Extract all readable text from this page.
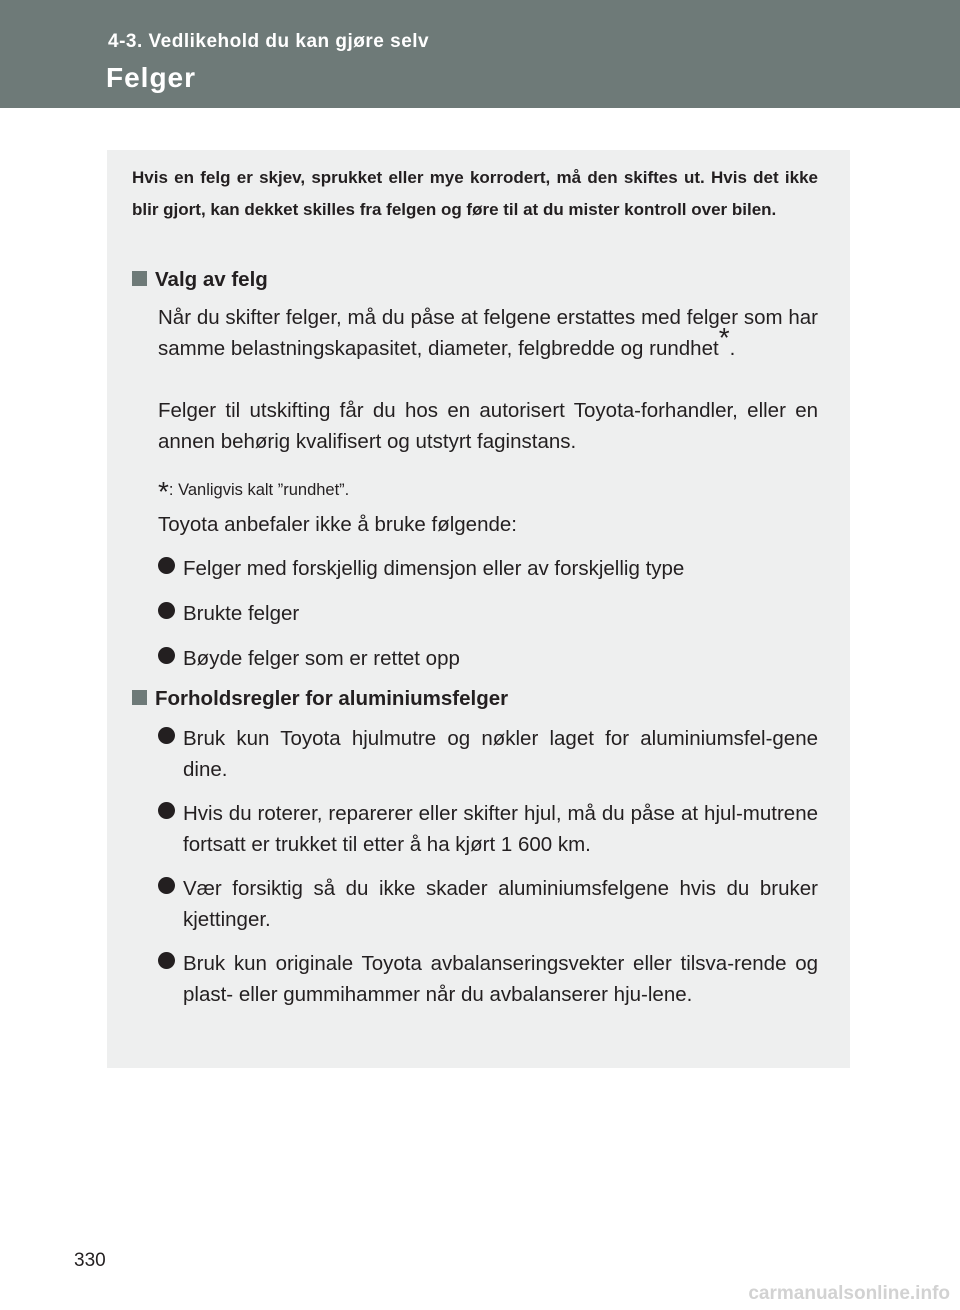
4-3. Vedlikehold du kan gjøre selv
Felger
Hvis en felg er skjev, sprukket eller mye korrodert, må den skiftes ut. Hvis det ikke blir gjort, kan dekket skilles fra felgen og føre til at du mister kontroll over bilen.
Valg av felg
Når du skifter felger, må du påse at felgene erstattes med felger som har samme belastningskapasitet, diameter, felgbredde og rundhet*.
Felger til utskifting får du hos en autorisert Toyota-forhandler, eller en annen behørig kvalifisert og utstyrt faginstans.
*: Vanligvis kalt ”rundhet”.
Toyota anbefaler ikke å bruke følgende:
Felger med forskjellig dimensjon eller av forskjellig type
Brukte felger
Bøyde felger som er rettet opp
Forholdsregler for aluminiumsfelger
Bruk kun Toyota hjulmutre og nøkler laget for aluminiumsfel-gene dine.
Hvis du roterer, reparerer eller skifter hjul, må du påse at hjul-mutrene fortsatt er trukket til etter å ha kjørt 1 600 km.
Vær forsiktig så du ikke skader aluminiumsfelgene hvis du bruker kjettinger.
Bruk kun originale Toyota avbalanseringsvekter eller tilsva-rende og plast- eller gummihammer når du avbalanserer hju-lene.
330
carmanualsonline.info
